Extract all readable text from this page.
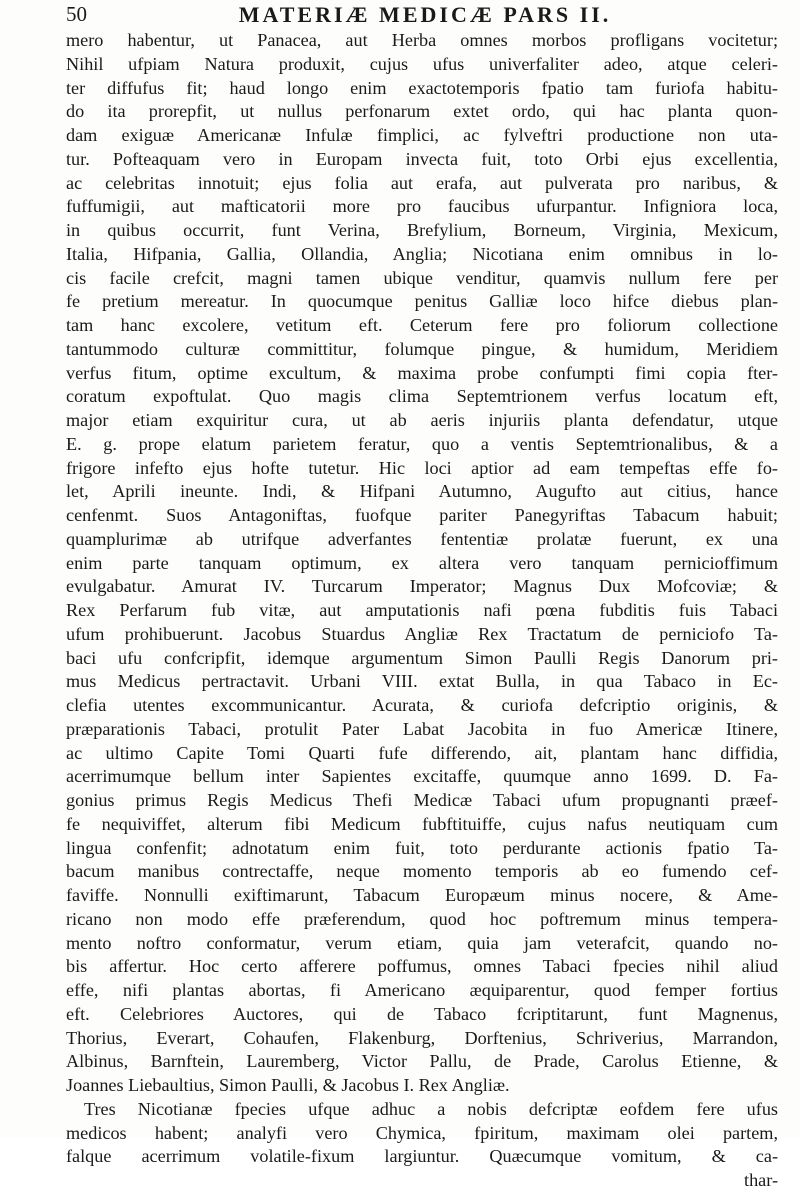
50	MATERIÆ MEDICÆ PARS II.
mero habentur, ut Panacea, aut Herba omnes morbos profligans vocitetur;
Nihil ufpiam Natura produxit, cujus ufus univerfaliter adeo, atque celeri-
ter diffufus fit; haud longo enim exactotemporis fpatio tam furiofa habitu-
do ita prorepfit, ut nullus perfonarum extet ordo, qui hac planta quon-
dam exiguæ Americanæ Infulæ fimplici, ac fylveftri productione non uta-
tur. Pofteaquam vero in Europam invecta fuit, toto Orbi ejus excellentia,
ac celebritas innotuit; ejus folia aut erafa, aut pulverata pro naribus, &
fuffumigii, aut mafticatorii more pro faucibus ufurpantur. Infigniora loca,
in quibus occurrit, funt Verina, Brefylium, Borneum, Virginia, Mexicum,
Italia, Hifpania, Gallia, Ollandia, Anglia; Nicotiana enim omnibus in lo-
cis facile crefcit, magni tamen ubique venditur, quamvis nullum fere per
fe pretium mereatur. In quocumque penitus Galliæ loco hifce diebus plan-
tam hanc excolere, vetitum eft. Ceterum fere pro foliorum collectione
tantummodo culturæ committitur, folumque pingue, & humidum, Meridiem
verfus fitum, optime excultum, & maxima probe confumpti fimi copia fter-
coratum expoftulat. Quo magis clima Septemtrionem verfus locatum eft,
major etiam exquiritur cura, ut ab aeris injuriis planta defendatur, utque
E. g. prope elatum parietem feratur, quo a ventis Septemtrionalibus, & a
frigore infefto ejus hofte tutetur. Hic loci aptior ad eam tempeftas effe fo-
let, Aprili ineunte. Indi, & Hifpani Autumno, Augufto aut citius, hance
cenfenmt. Suos Antagoniftas, fuofque pariter Panegyriftas Tabacum habuit;
quamplurimæ ab utrifque adverfantes fententiæ prolatæ fuerunt, ex una
enim parte tanquam optimum, ex altera vero tanquam pernicioffimum
evulgabatur. Amurat IV. Turcarum Imperator; Magnus Dux Mofcoviæ; &
Rex Perfarum fub vitæ, aut amputationis nafi pœna fubditis fuis Tabaci
ufum prohibuerunt. Jacobus Stuardus Angliæ Rex Tractatum de perniciofo Ta-
baci ufu confcripfit, idemque argumentum Simon Paulli Regis Danorum pri-
mus Medicus pertractavit. Urbani VIII. extat Bulla, in qua Tabaco in Ec-
clefia utentes excommunicantur. Acurata, & curiofa defcriptio originis, &
præparationis Tabaci, protulit Pater Labat Jacobita in fuo Americæ Itinere,
ac ultimo Capite Tomi Quarti fufe differendo, ait, plantam hanc diffidia,
acerrimumque bellum inter Sapientes excitaffe, quumque anno 1699. D. Fa-
gonius primus Regis Medicus Thefi Medicæ Tabaci ufum propugnanti præef-
fe nequiviffet, alterum fibi Medicum fubftituiffe, cujus nafus neutiquam cum
lingua confenfit; adnotatum enim fuit, toto perdurante actionis fpatio Ta-
bacum manibus contrectaffe, neque momento temporis ab eo fumendo cef-
faviffe. Nonnulli exiftimarunt, Tabacum Europæum minus nocere, & Ame-
ricano non modo effe præferendum, quod hoc poftremum minus tempera-
mento noftro conformatur, verum etiam, quia jam veterafcit, quando no-
bis affertur. Hoc certo afferere poffumus, omnes Tabaci fpecies nihil aliud
effe, nifi plantas abortas, fi Americano æquiparentur, quod femper fortius
eft. Celebriores Auctores, qui de Tabaco fcriptitarunt, funt Magnenus,
Thorius, Everart, Cohaufen, Flakenburg, Dorftenius, Schriverius, Marrandon,
Albinus, Barnftein, Lauremberg, Victor Pallu, de Prade, Carolus Etienne, &
Joannes Liebaultius, Simon Paulli, & Jacobus I. Rex Angliæ.
Tres Nicotianæ fpecies ufque adhuc a nobis defcriptæ eofdem fere ufus
medicos habent; analyfi vero Chymica, fpiritum, maximam olei partem,
falque acerrimum volatile-fixum largiuntur. Quæcumque vomitum, & ca-
thar-
